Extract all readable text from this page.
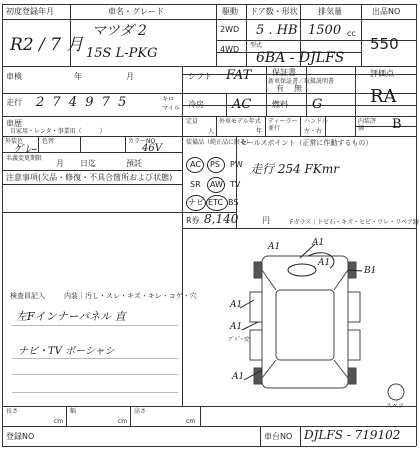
初度登録年月
R2 / 7 月
車名・グレード
マツダ 2
15S L-PKG
駆動
2WD
4WD
ドア数・形状
5 . HB
型式
6BA - DJLFS
排気量
1500 cc
出品NO
550
車検	年	月	シフト FAT	保証書
新車保証書／取扱説明書
有 無
評価点
RA
走行 2 7 4 9 7 5	キロ
マイル 冷房 AC	燃料 G
車歴
自家用・レンタ・事業用（　　　）
定員
人
外車モデル年式
年
ディーラー並行
ハンドル
左・右
内装評価	B
外装色
ｸﾞﾚｰ
色替	カラーNO
46V
名義変更期限
月 日迄	預託
注意事項(欠品・修復・不具合箇所および状態)
装備品 （純正品に限る）
AC PS PW
SR AW TV
ナビ ETC BS
R券 8,140	円
セールスポイント（正常に作動するもの）
走行 254 FKmr
Fガラス｜トビ石・キズ・ヒビ・ワレ・リペア跡
検査員記入	内装｜汚し・スレ・キズ・キレ・コゲ・穴
左Fインナーパネル 直
ナビ・TV ボーシャシ
A1
A1
B1
A1
A1
A1
A1
ﾌﾞﾊﾟｰ交
スペア
長さ
cm
幅
cm
高さ
cm
登録NO	車台NO DJLFS - 719102
